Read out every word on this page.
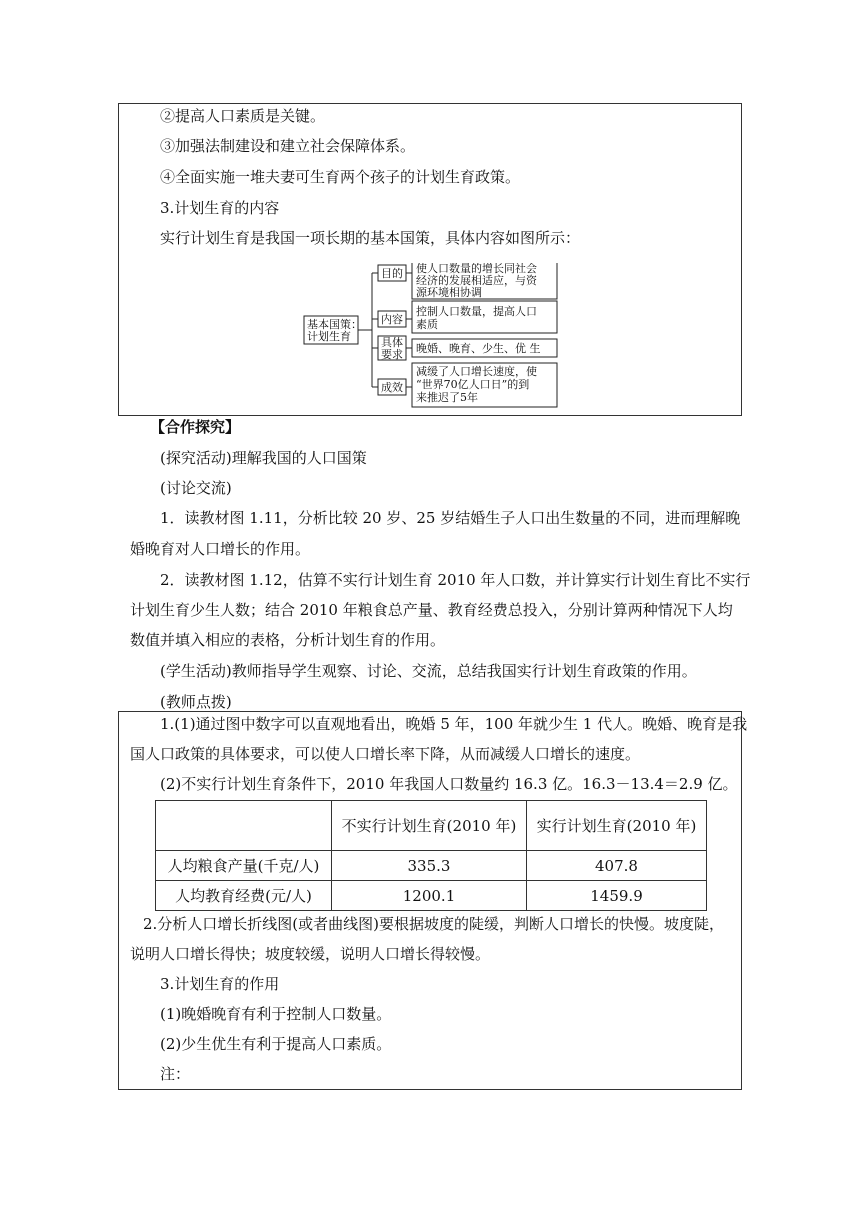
②提高人口素质是关键。
③加强法制建设和建立社会保障体系。
④全面实施一堆夫妻可生育两个孩子的计划生育政策。
3.计划生育的内容
实行计划生育是我国一项长期的基本国策，具体内容如图所示：
基本国策：
计划生育
目的
内容
具体
要求
成效
使人口数量的增长同社会
经济的发展相适应，与资
源环境相协调
控制人口数量，提高人口
素质
晚婚、晚育、少生、优 生
减缓了人口增长速度，使
“世界70亿人口日”的到
来推迟了5年
【合作探究】
(探究活动)理解我国的人口国策
(讨论交流)
1．读教材图 1.11，分析比较 20 岁、25 岁结婚生子人口出生数量的不同，进而理解晚
婚晚育对人口增长的作用。
2．读教材图 1.12，估算不实行计划生育 2010 年人口数，并计算实行计划生育比不实行
计划生育少生人数；结合 2010 年粮食总产量、教育经费总投入，分别计算两种情况下人均
数值并填入相应的表格，分析计划生育的作用。
(学生活动)教师指导学生观察、讨论、交流，总结我国实行计划生育政策的作用。
(教师点拨)
1.(1)通过图中数字可以直观地看出，晚婚 5 年，100 年就少生 1 代人。晚婚、晚育是我
国人口政策的具体要求，可以使人口增长率下降，从而减缓人口增长的速度。
(2)不实行计划生育条件下，2010 年我国人口数量约 16.3 亿。16.3－13.4＝2.9 亿。
	不实行计划生育(2010 年)	实行计划生育(2010 年)
人均粮食产量(千克/人)	335.3	407.8
人均教育经费(元/人)	1200.1	1459.9
2.分析人口增长折线图(或者曲线图)要根据坡度的陡缓，判断人口增长的快慢。坡度陡，
说明人口增长得快；坡度较缓，说明人口增长得较慢。
3.计划生育的作用
(1)晚婚晚育有利于控制人口数量。
(2)少生优生有利于提高人口素质。
注：
